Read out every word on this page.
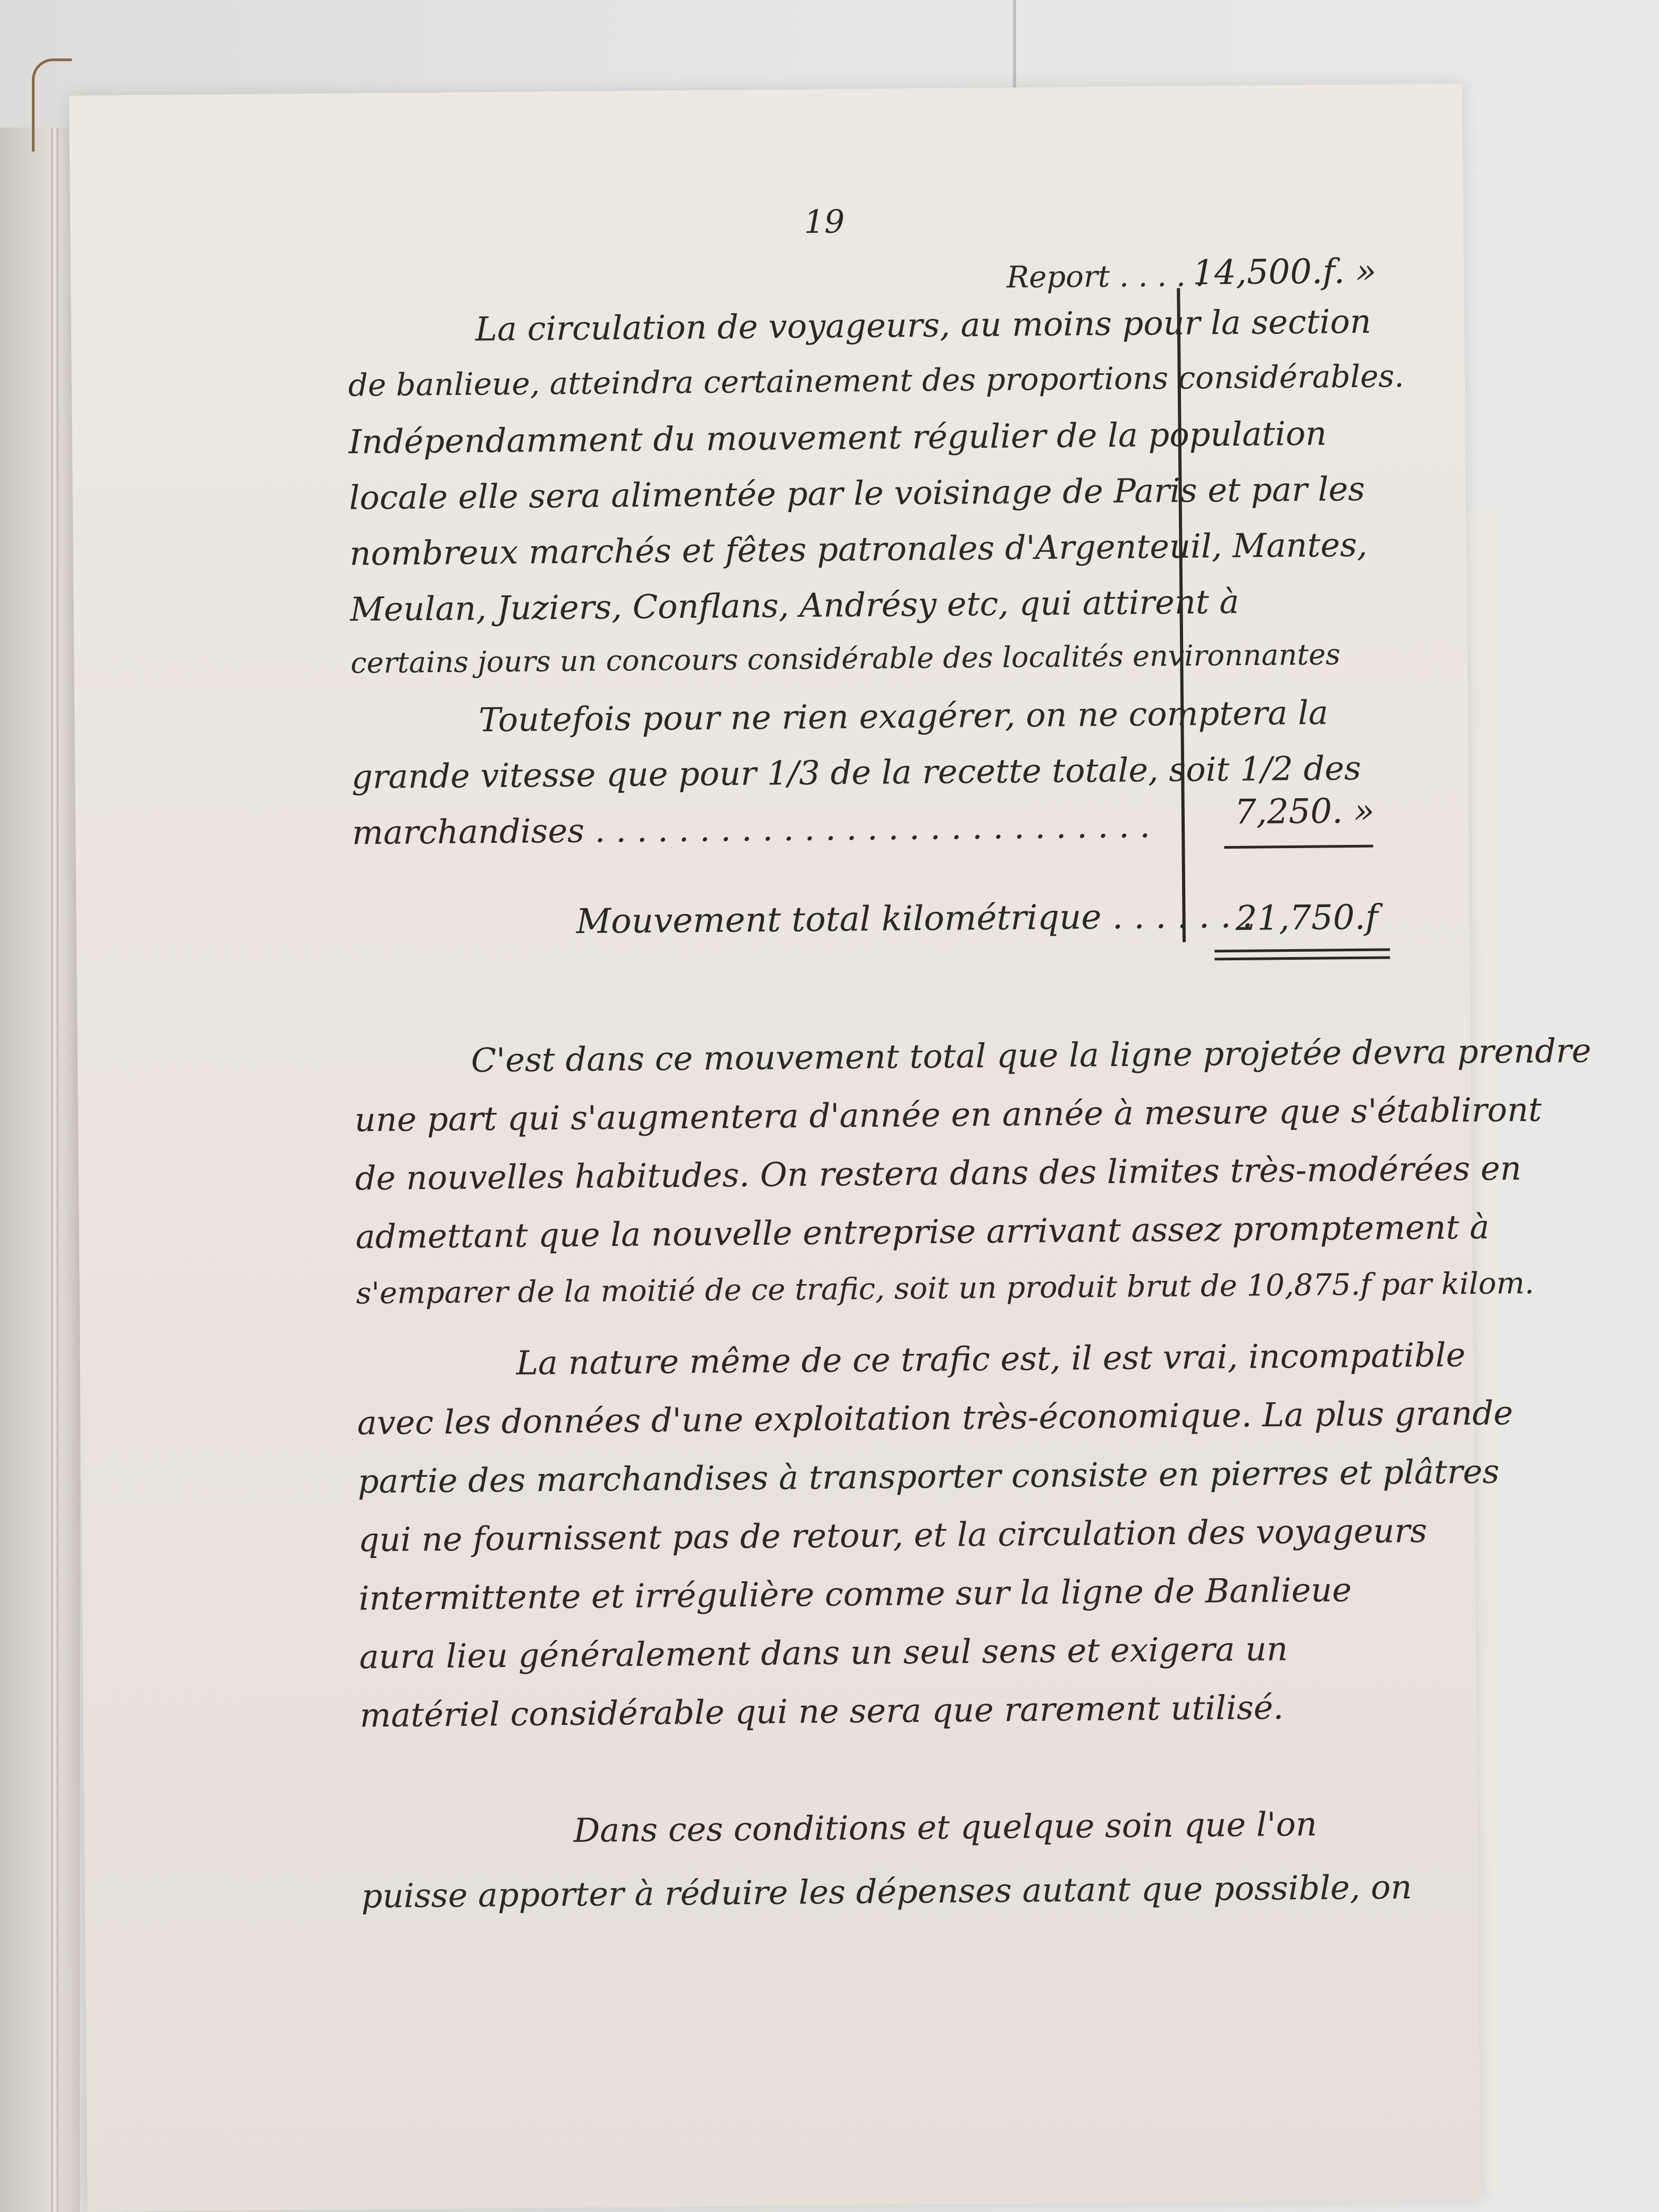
19
Report . . . . .
14,500.f. »
La circulation de voyageurs, au moins pour la section
de banlieue, atteindra certainement des proportions considérables.
Indépendamment du mouvement régulier de la population
locale elle sera alimentée par le voisinage de Paris et par les
nombreux marchés et fêtes patronales d'Argenteuil, Mantes,
Meulan, Juziers, Conflans, Andrésy etc, qui attirent à
certains jours un concours considérable des localités environnantes
Toutefois pour ne rien exagérer, on ne comptera la
grande vitesse que pour 1/3 de la recette totale, soit 1/2 des
marchandises . . . . . . . . . . . . . . . . . . . . . . . . . . . 7,250. »
Mouvement total kilométrique . . . . . . .
21,750.f
C'est dans ce mouvement total que la ligne projetée devra prendre
une part qui s'augmentera d'année en année à mesure que s'établiront
de nouvelles habitudes. On restera dans des limites très-modérées en
admettant que la nouvelle entreprise arrivant assez promptement à
s'emparer de la moitié de ce trafic, soit un produit brut de 10,875.f par kilom.
La nature même de ce trafic est, il est vrai, incompatible
avec les données d'une exploitation très-économique. La plus grande
partie des marchandises à transporter consiste en pierres et plâtres
qui ne fournissent pas de retour, et la circulation des voyageurs
intermittente et irrégulière comme sur la ligne de Banlieue
aura lieu généralement dans un seul sens et exigera un
matériel considérable qui ne sera que rarement utilisé.
Dans ces conditions et quelque soin que l'on
puisse apporter à réduire les dépenses autant que possible, on
